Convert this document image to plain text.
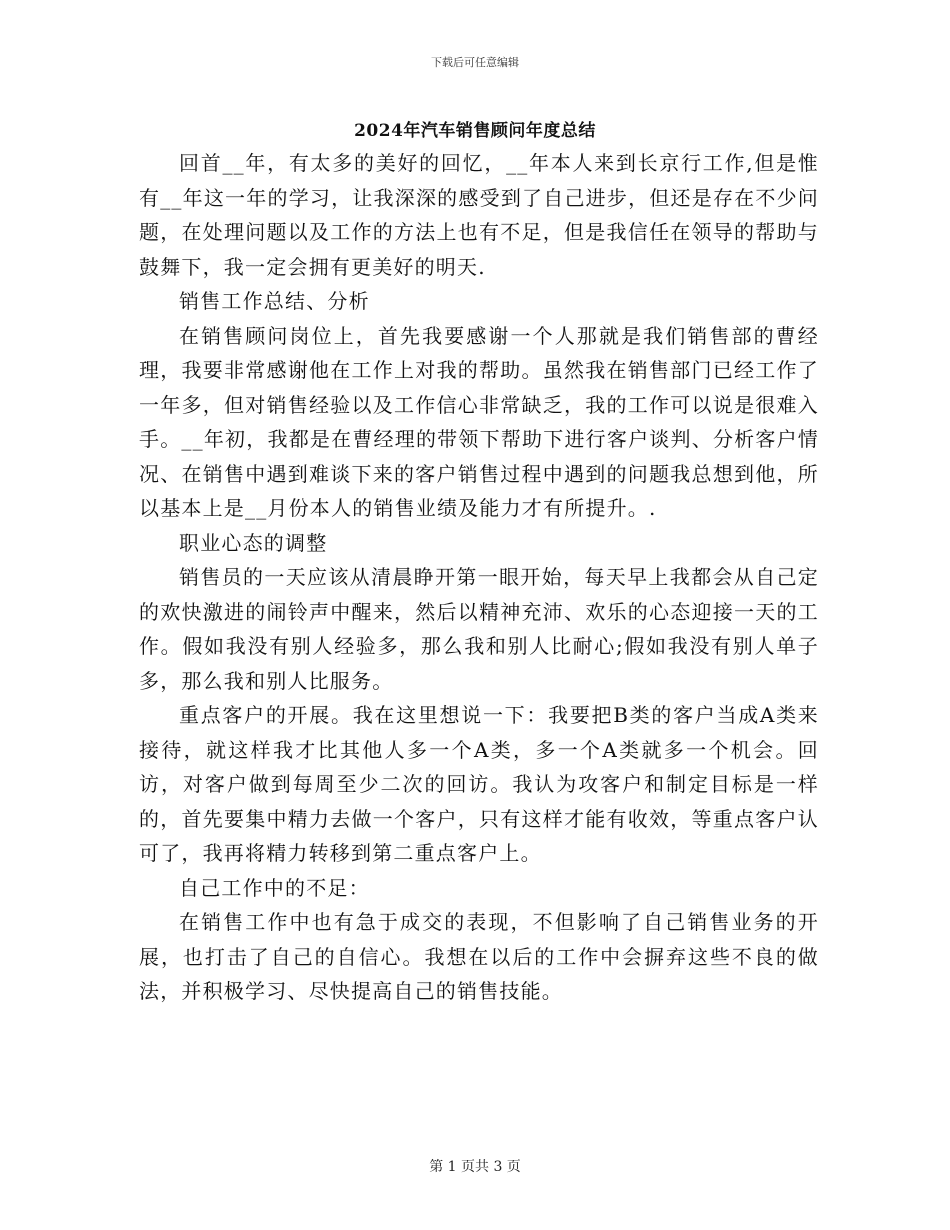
下载后可任意编辑
2024年汽车销售顾问年度总结

回首__年，有太多的美好的回忆，__年本人来到长京行工作,但是惟有__年这一年的学习，让我深深的感受到了自己进步，但还是存在不少问题，在处理问题以及工作的方法上也有不足，但是我信任在领导的帮助与鼓舞下，我一定会拥有更美好的明天.

销售工作总结、分析

在销售顾问岗位上，首先我要感谢一个人那就是我们销售部的曹经理，我要非常感谢他在工作上对我的帮助。虽然我在销售部门已经工作了一年多，但对销售经验以及工作信心非常缺乏，我的工作可以说是很难入手。__年初，我都是在曹经理的带领下帮助下进行客户谈判、分析客户情况、在销售中遇到难谈下来的客户销售过程中遇到的问题我总想到他，所以基本上是__月份本人的销售业绩及能力才有所提升。.

职业心态的调整

销售员的一天应该从清晨睁开第一眼开始，每天早上我都会从自己定的欢快激进的闹铃声中醒来，然后以精神充沛、欢乐的心态迎接一天的工作。假如我没有别人经验多，那么我和别人比耐心;假如我没有别人单子多，那么我和别人比服务。

重点客户的开展。我在这里想说一下：我要把B类的客户当成A类来接待，就这样我才比其他人多一个A类，多一个A类就多一个机会。回访，对客户做到每周至少二次的回访。我认为攻客户和制定目标是一样的，首先要集中精力去做一个客户，只有这样才能有收效，等重点客户认可了，我再将精力转移到第二重点客户上。

自己工作中的不足：

在销售工作中也有急于成交的表现，不但影响了自己销售业务的开展，也打击了自己的自信心。我想在以后的工作中会摒弃这些不良的做法，并积极学习、尽快提高自己的销售技能。

第 1 页共 3 页
